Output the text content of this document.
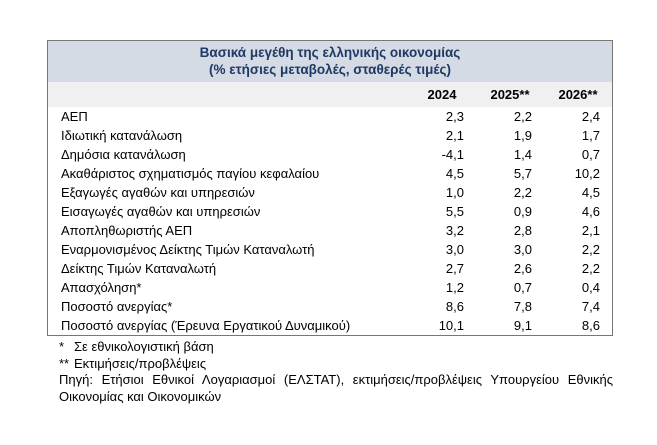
Βασικά μεγέθη της ελληνικής οικονομίας
(% ετήσιες μεταβολές, σταθερές τιμές)
	2024	2025**	2026**
ΑΕΠ	2,3	2,2	2,4
Ιδιωτική κατανάλωση	2,1	1,9	1,7
Δημόσια κατανάλωση	-4,1	1,4	0,7
Ακαθάριστος σχηματισμός παγίου κεφαλαίου	4,5	5,7	10,2
Εξαγωγές αγαθών και υπηρεσιών	1,0	2,2	4,5
Εισαγωγές αγαθών και υπηρεσιών	5,5	0,9	4,6
Αποπληθωριστής ΑΕΠ	3,2	2,8	2,1
Εναρμονισμένος Δείκτης Τιμών Καταναλωτή	3,0	3,0	2,2
Δείκτης Τιμών Καταναλωτή	2,7	2,6	2,2
Απασχόληση*	1,2	0,7	0,4
Ποσοστό ανεργίας*	8,6	7,8	7,4
Ποσοστό ανεργίας (Έρευνα Εργατικού Δυναμικού)	10,1	9,1	8,6
* Σε εθνικολογιστική βάση
** Εκτιμήσεις/προβλέψεις
Πηγή: Ετήσιοι Εθνικοί Λογαριασμοί (ΕΛΣΤΑΤ), εκτιμήσεις/προβλέψεις Υπουργείου Εθνικής Οικονομίας και Οικονομικών
